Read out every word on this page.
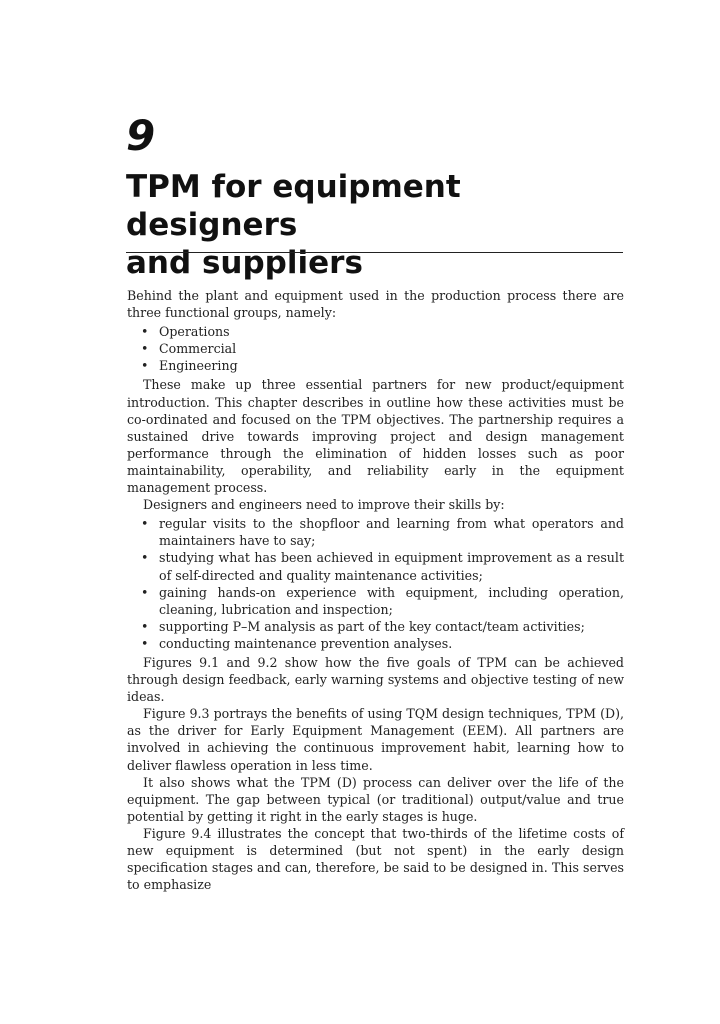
9
TPM for equipment designers
and suppliers

Behind the plant and equipment used in the production process there are three functional groups, namely:

• Operations
• Commercial
• Engineering

These make up three essential partners for new product/equipment introduction. This chapter describes in outline how these activities must be co-ordinated and focused on the TPM objectives. The partnership requires a sustained drive towards improving project and design management performance through the elimination of hidden losses such as poor maintainability, operability, and reliability early in the equipment management process.

Designers and engineers need to improve their skills by:

• regular visits to the shopfloor and learning from what operators and maintainers have to say;
• studying what has been achieved in equipment improvement as a result of self-directed and quality maintenance activities;
• gaining hands-on experience with equipment, including operation, cleaning, lubrication and inspection;
• supporting P–M analysis as part of the key contact/team activities;
• conducting maintenance prevention analyses.

Figures 9.1 and 9.2 show how the five goals of TPM can be achieved through design feedback, early warning systems and objective testing of new ideas.

Figure 9.3 portrays the benefits of using TQM design techniques, TPM (D), as the driver for Early Equipment Management (EEM). All partners are involved in achieving the continuous improvement habit, learning how to deliver flawless operation in less time.

It also shows what the TPM (D) process can deliver over the life of the equipment. The gap between typical (or traditional) output/value and true potential by getting it right in the early stages is huge.

Figure 9.4 illustrates the concept that two-thirds of the lifetime costs of new equipment is determined (but not spent) in the early design specification stages and can, therefore, be said to be designed in. This serves to emphasize
